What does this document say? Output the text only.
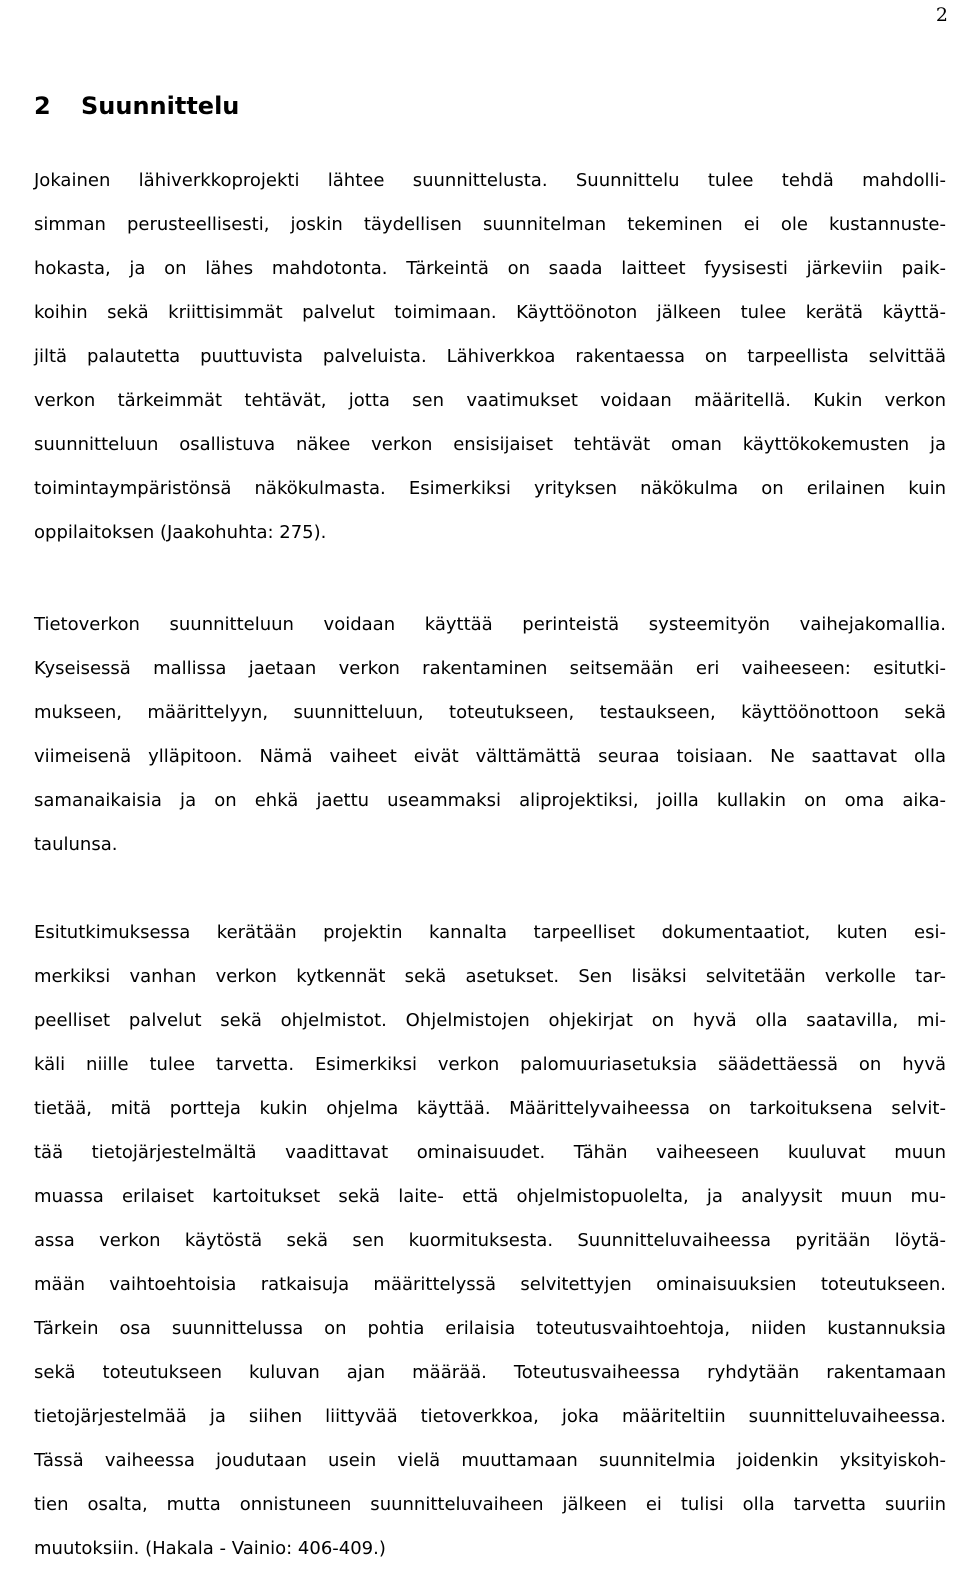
2
2 Suunnittelu
Jokainen lähiverkkoprojekti lähtee suunnittelusta. Suunnittelu tulee tehdä mahdolli-
simman perusteellisesti, joskin täydellisen suunnitelman tekeminen ei ole kustannuste-
hokasta, ja on lähes mahdotonta. Tärkeintä on saada laitteet fyysisesti järkeviin paik-
koihin sekä kriittisimmät palvelut toimimaan. Käyttöönoton jälkeen tulee kerätä käyttä-
jiltä palautetta puuttuvista palveluista. Lähiverkkoa rakentaessa on tarpeellista selvittää
verkon tärkeimmät tehtävät, jotta sen vaatimukset voidaan määritellä. Kukin verkon
suunnitteluun osallistuva näkee verkon ensisijaiset tehtävät oman käyttökokemusten ja
toimintaympäristönsä näkökulmasta. Esimerkiksi yrityksen näkökulma on erilainen kuin
oppilaitoksen (Jaakohuhta: 275).
Tietoverkon suunnitteluun voidaan käyttää perinteistä systeemityön vaihejakomallia.
Kyseisessä mallissa jaetaan verkon rakentaminen seitsemään eri vaiheeseen: esitutki-
mukseen, määrittelyyn, suunnitteluun, toteutukseen, testaukseen, käyttöönottoon sekä
viimeisenä ylläpitoon. Nämä vaiheet eivät välttämättä seuraa toisiaan. Ne saattavat olla
samanaikaisia ja on ehkä jaettu useammaksi aliprojektiksi, joilla kullakin on oma aika-
taulunsa.
Esitutkimuksessa kerätään projektin kannalta tarpeelliset dokumentaatiot, kuten esi-
merkiksi vanhan verkon kytkennät sekä asetukset. Sen lisäksi selvitetään verkolle tar-
peelliset palvelut sekä ohjelmistot. Ohjelmistojen ohjekirjat on hyvä olla saatavilla, mi-
käli niille tulee tarvetta. Esimerkiksi verkon palomuuriasetuksia säädettäessä on hyvä
tietää, mitä portteja kukin ohjelma käyttää. Määrittelyvaiheessa on tarkoituksena selvit-
tää tietojärjestelmältä vaadittavat ominaisuudet. Tähän vaiheeseen kuuluvat muun
muassa erilaiset kartoitukset sekä laite- että ohjelmistopuolelta, ja analyysit muun mu-
assa verkon käytöstä sekä sen kuormituksesta. Suunnitteluvaiheessa pyritään löytä-
mään vaihtoehtoisia ratkaisuja määrittelyssä selvitettyjen ominaisuuksien toteutukseen.
Tärkein osa suunnittelussa on pohtia erilaisia toteutusvaihtoehtoja, niiden kustannuksia
sekä toteutukseen kuluvan ajan määrää. Toteutusvaiheessa ryhdytään rakentamaan
tietojärjestelmää ja siihen liittyvää tietoverkkoa, joka määriteltiin suunnitteluvaiheessa.
Tässä vaiheessa joudutaan usein vielä muuttamaan suunnitelmia joidenkin yksityiskoh-
tien osalta, mutta onnistuneen suunnitteluvaiheen jälkeen ei tulisi olla tarvetta suuriin
muutoksiin. (Hakala - Vainio: 406-409.)
